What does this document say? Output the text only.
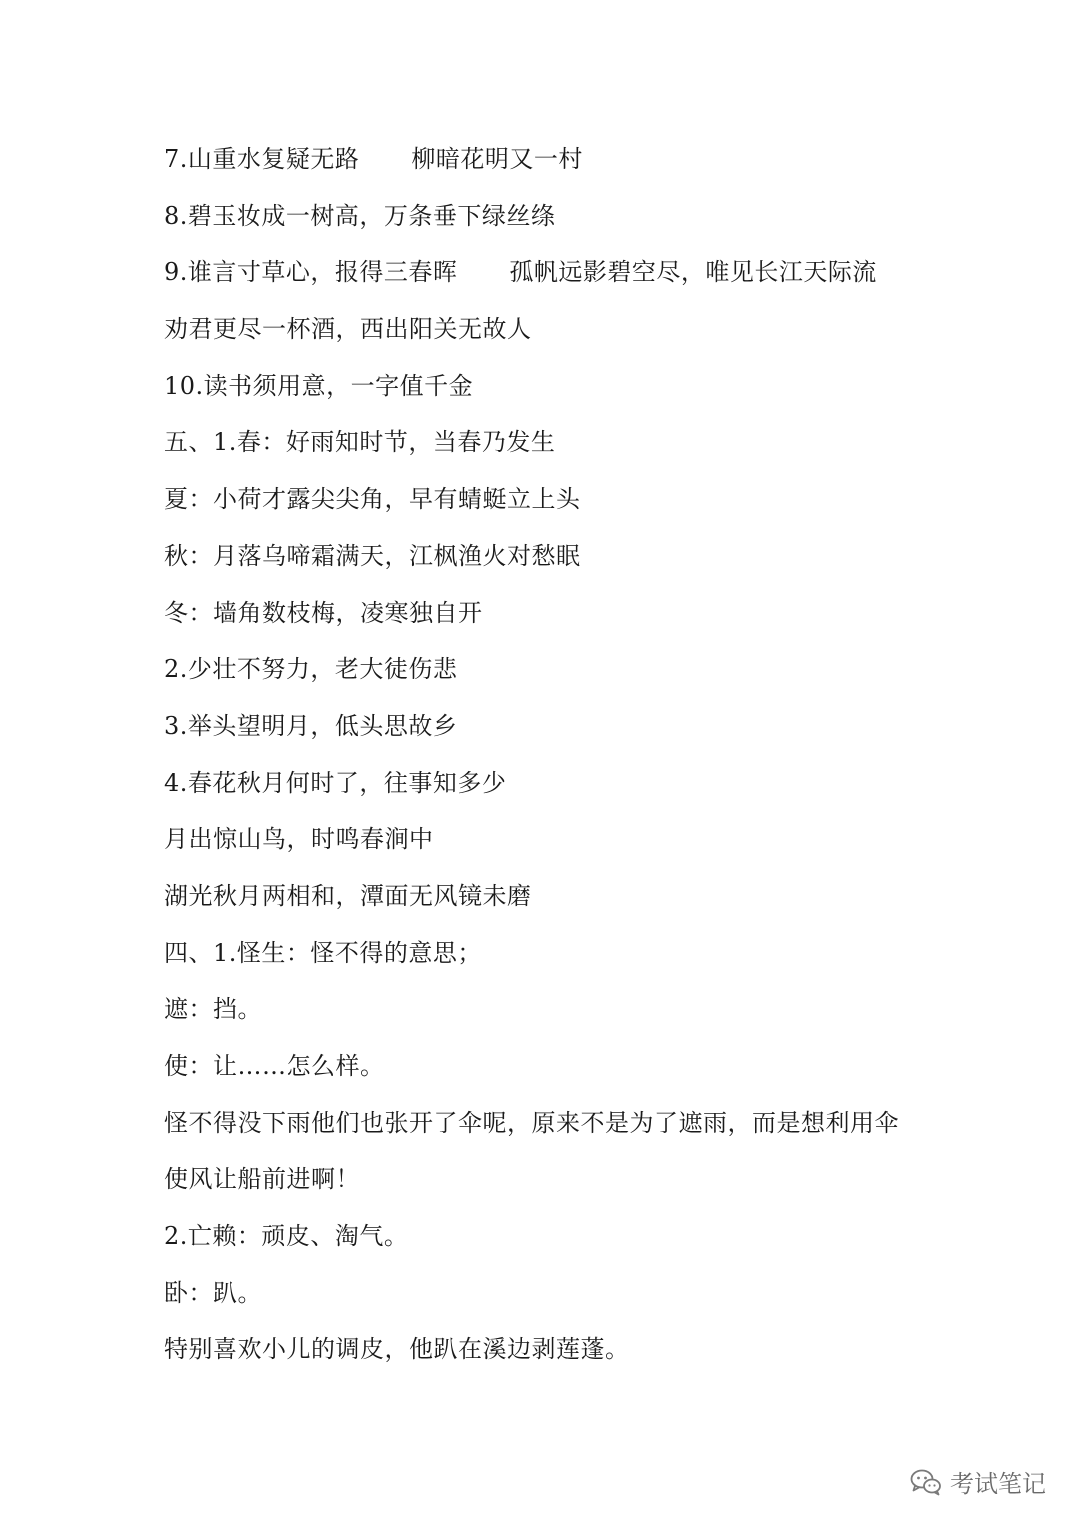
7.山重水复疑无路 柳暗花明又一村
8.碧玉妆成一树高，万条垂下绿丝绦
9.谁言寸草心，报得三春晖 孤帆远影碧空尽，唯见长江天际流
劝君更尽一杯酒，西出阳关无故人
10.读书须用意，一字值千金
五、1.春：好雨知时节，当春乃发生
夏：小荷才露尖尖角，早有蜻蜓立上头
秋：月落乌啼霜满天，江枫渔火对愁眠
冬：墙角数枝梅，凌寒独自开
2.少壮不努力，老大徒伤悲
3.举头望明月，低头思故乡
4.春花秋月何时了，往事知多少
月出惊山鸟，时鸣春涧中
湖光秋月两相和，潭面无风镜未磨
四、1.怪生：怪不得的意思；
遮：挡。
使：让……怎么样。
怪不得没下雨他们也张开了伞呢，原来不是为了遮雨，而是想利用伞
使风让船前进啊！
2.亡赖：顽皮、淘气。
卧：趴。
特别喜欢小儿的调皮，他趴在溪边剥莲蓬。
考试笔记
